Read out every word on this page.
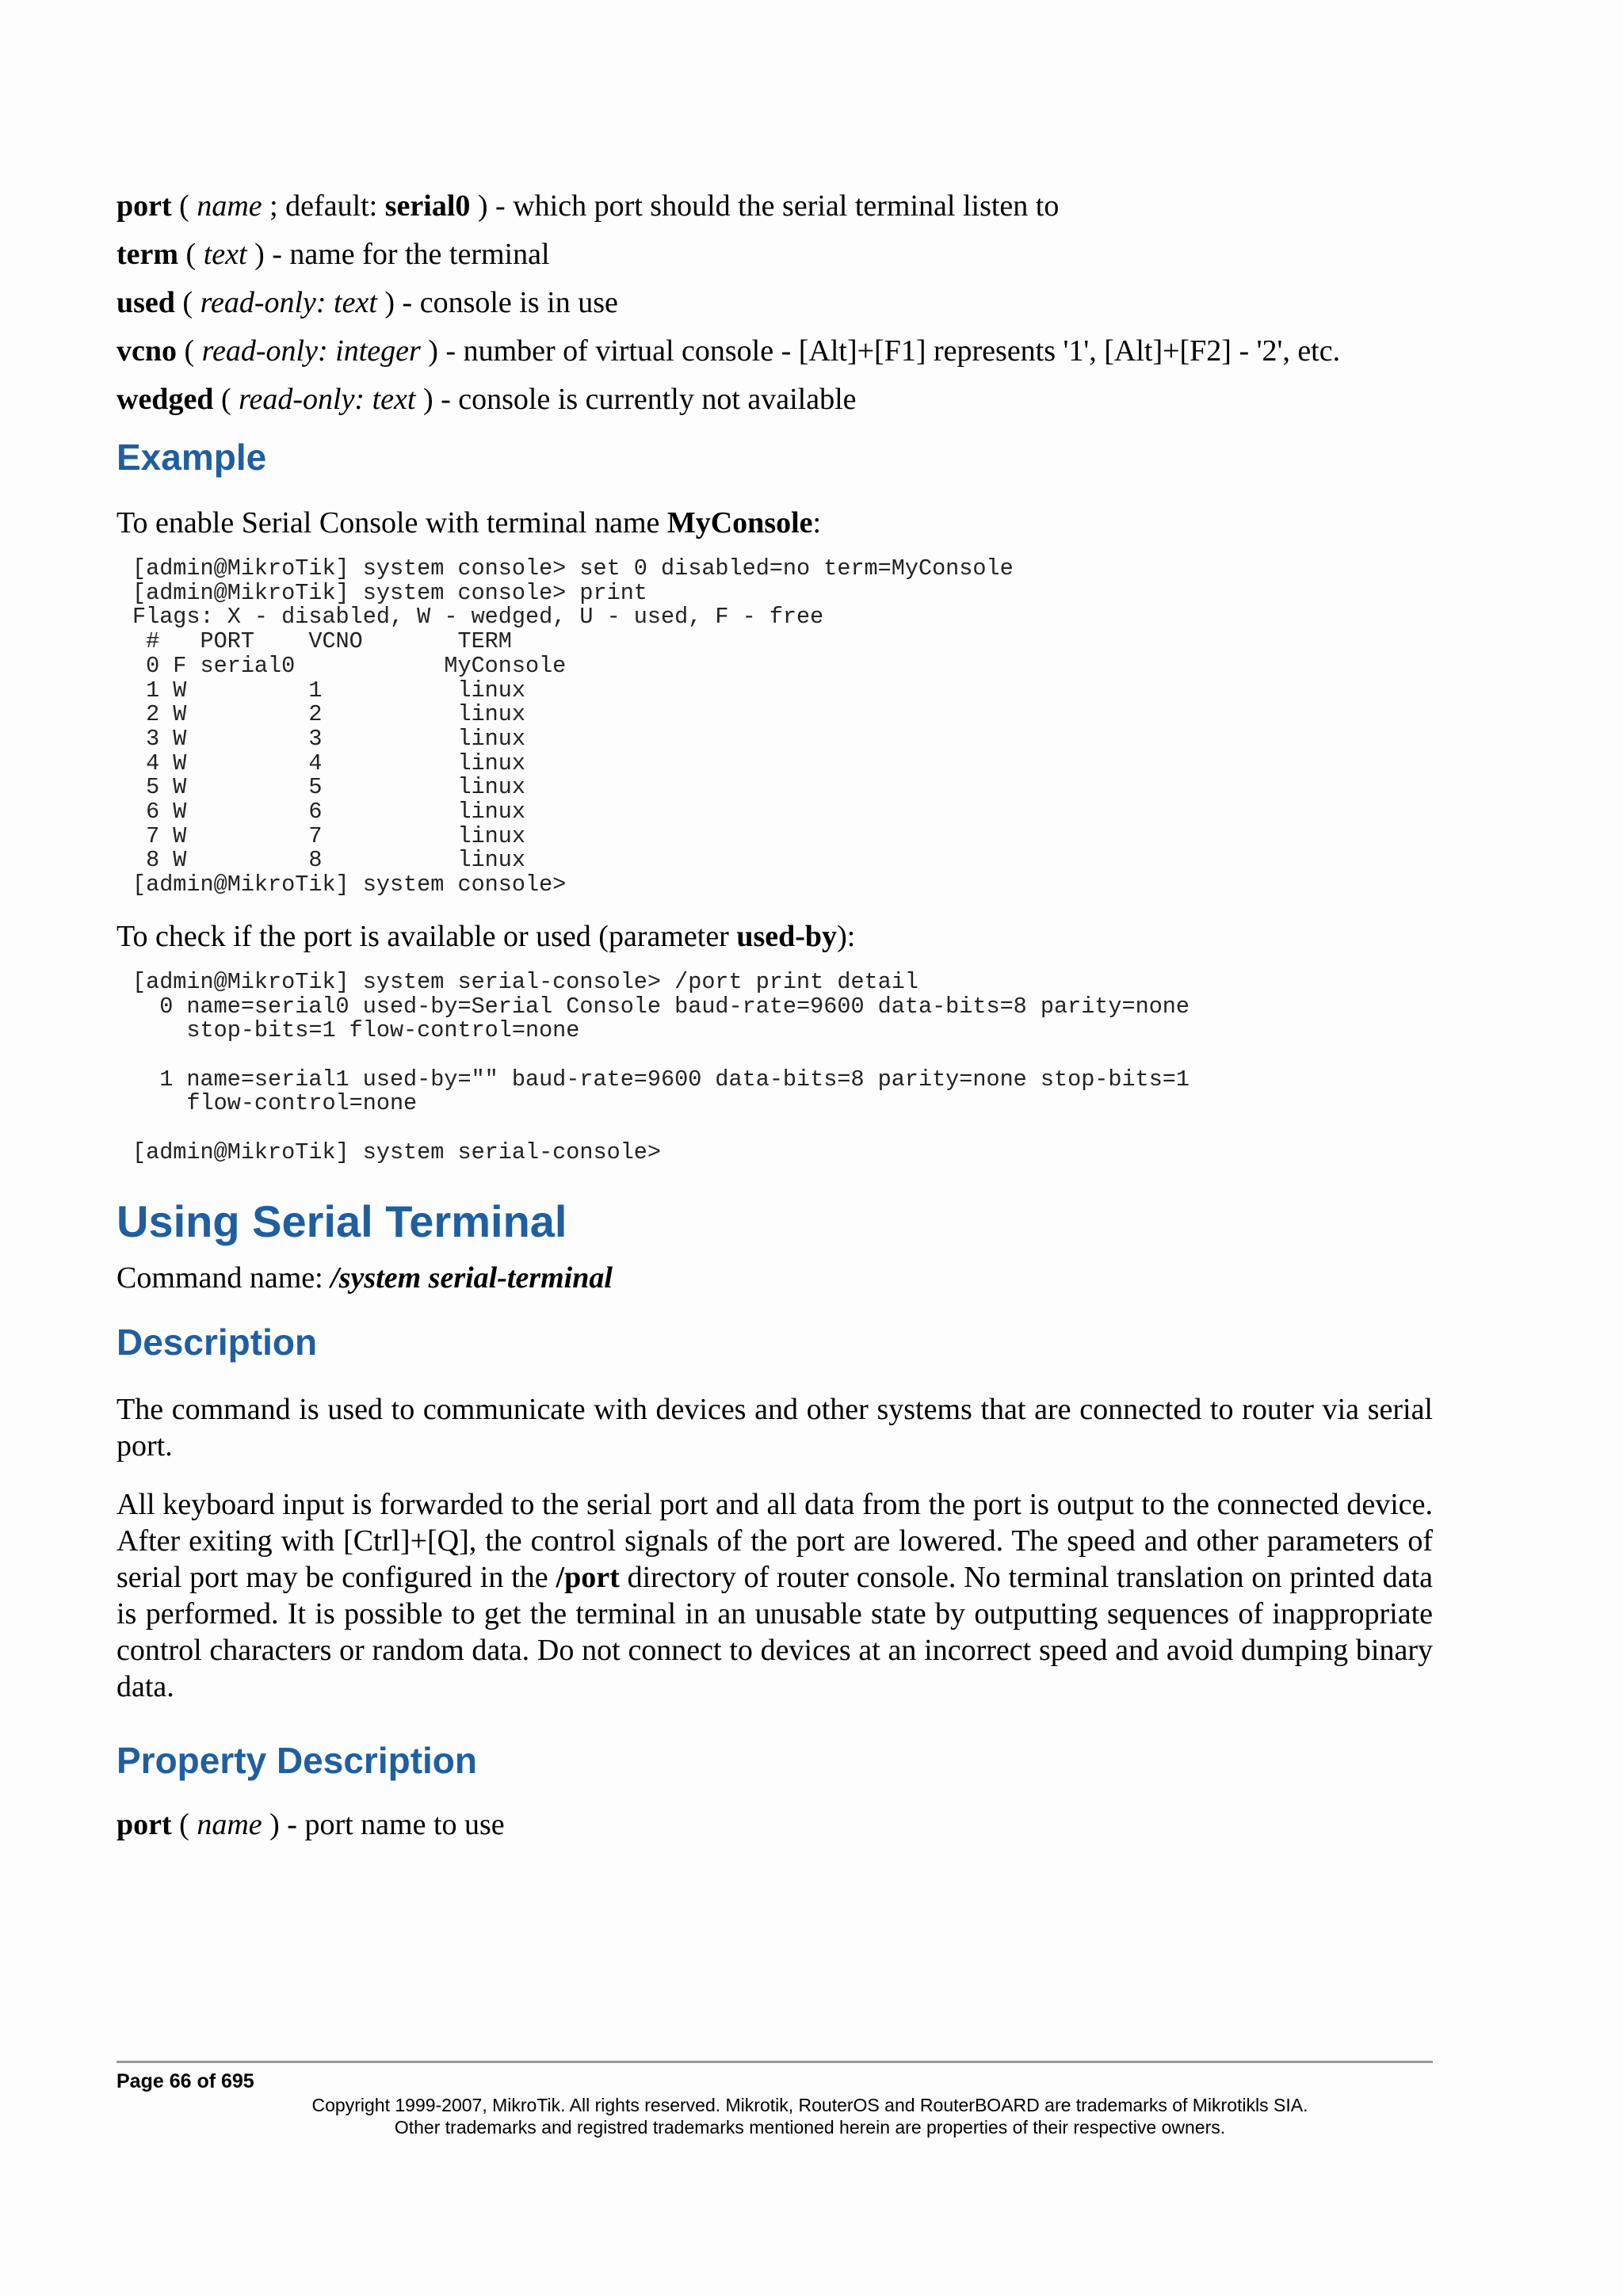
port ( name ; default: serial0 ) - which port should the serial terminal listen to
term ( text ) - name for the terminal
used ( read-only: text ) - console is in use
vcno ( read-only: integer ) - number of virtual console - [Alt]+[F1] represents '1', [Alt]+[F2] - '2', etc.
wedged ( read-only: text ) - console is currently not available
Example

To enable Serial Console with terminal name MyConsole:

[admin@MikroTik] system console> set 0 disabled=no term=MyConsole
[admin@MikroTik] system console> print
Flags: X - disabled, W - wedged, U - used, F - free
#   PORT    VCNO       TERM
0 F serial0           MyConsole
1 W         1          linux
2 W         2          linux
3 W         3          linux
4 W         4          linux
5 W         5          linux
6 W         6          linux
7 W         7          linux
8 W         8          linux
[admin@MikroTik] system console>

To check if the port is available or used (parameter used-by):

[admin@MikroTik] system serial-console> /port print detail
0 name=serial0 used-by=Serial Console baud-rate=9600 data-bits=8 parity=none
stop-bits=1 flow-control=none

1 name=serial1 used-by="" baud-rate=9600 data-bits=8 parity=none stop-bits=1
flow-control=none

[admin@MikroTik] system serial-console>
Using Serial Terminal

Command name: /system serial-terminal

Description

The command is used to communicate with devices and other systems that are connected to router via serial port.

All keyboard input is forwarded to the serial port and all data from the port is output to the connected device. After exiting with [Ctrl]+[Q], the control signals of the port are lowered. The speed and other parameters of serial port may be configured in the /port directory of router console. No terminal translation on printed data is performed. It is possible to get the terminal in an unusable state by outputting sequences of inappropriate control characters or random data. Do not connect to devices at an incorrect speed and avoid dumping binary data.

Property Description
port ( name ) - port name to use
Page 66 of 695
Copyright 1999-2007, MikroTik. All rights reserved. Mikrotik, RouterOS and RouterBOARD are trademarks of Mikrotikls SIA.
Other trademarks and registred trademarks mentioned herein are properties of their respective owners.
